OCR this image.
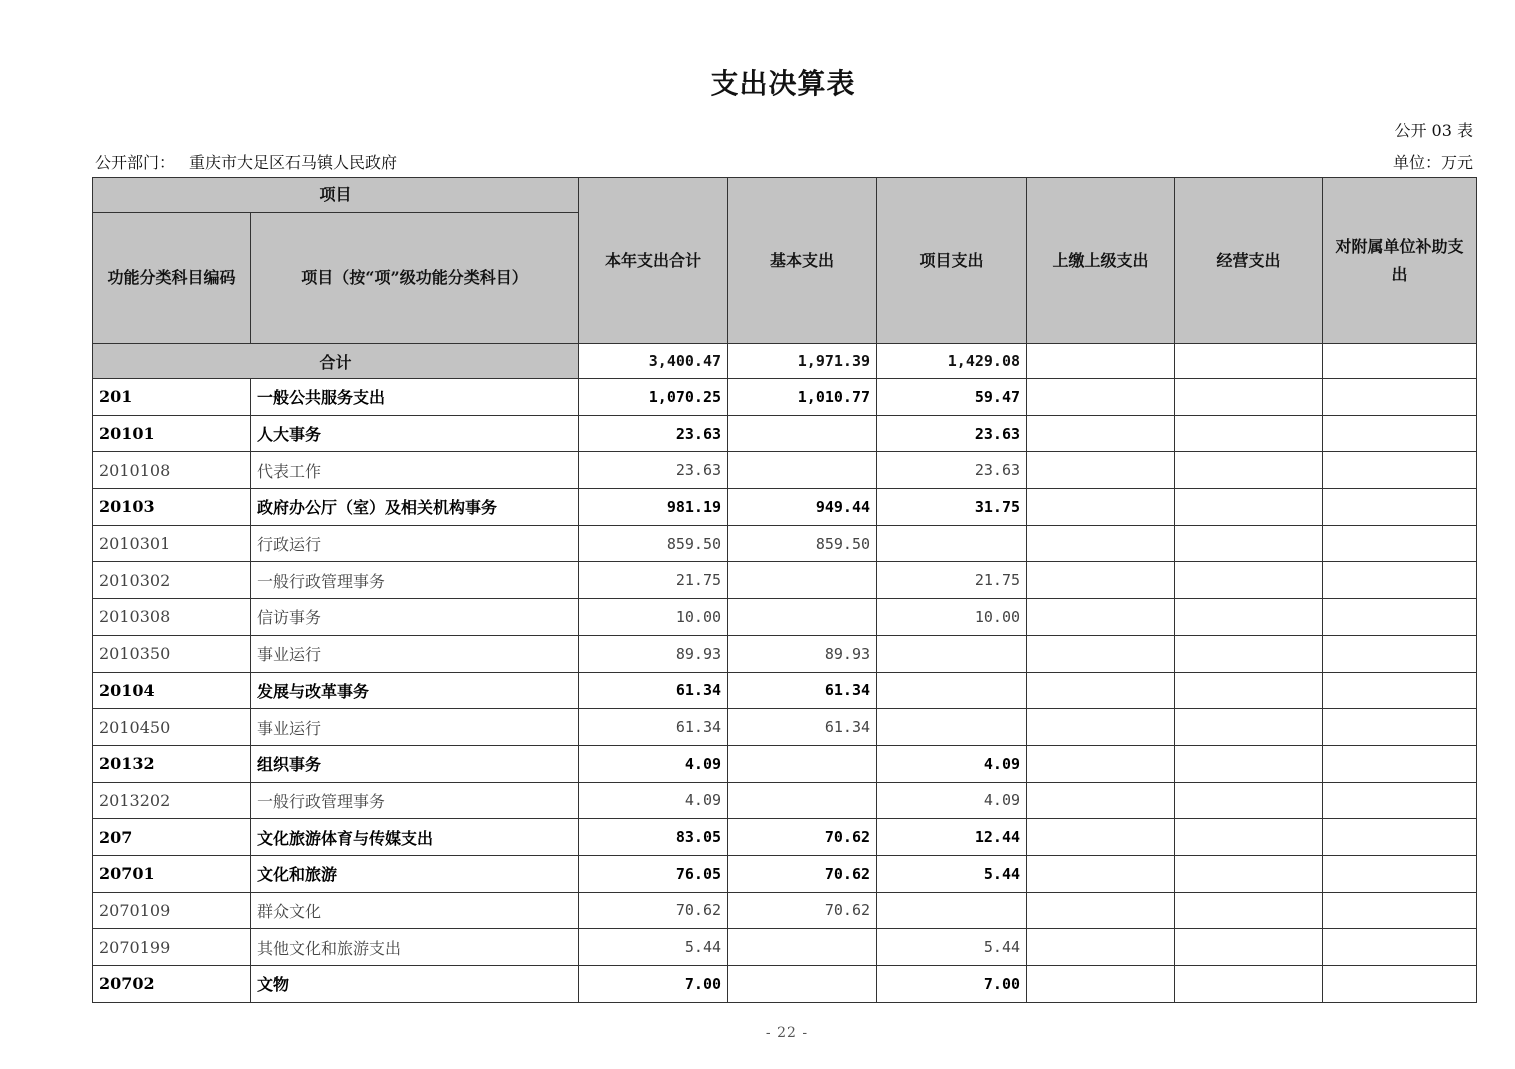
支出决算表
公开 03 表
公开部门： 重庆市大足区石马镇人民政府	单位：万元
项目		本年支出合计	基本支出	项目支出	上缴上级支出	经营支出	对附属单位补助支出
功能分类科目编码	项目（按“项”级功能分类科目）						
合计		3,400.47	1,971.39	1,429.08			
201	一般公共服务支出	1,070.25	1,010.77	59.47			
20101	人大事务	23.63		23.63			
2010108	代表工作	23.63		23.63			
20103	政府办公厅（室）及相关机构事务	981.19	949.44	31.75			
2010301	行政运行	859.50	859.50				
2010302	一般行政管理事务	21.75		21.75			
2010308	信访事务	10.00		10.00			
2010350	事业运行	89.93	89.93				
20104	发展与改革事务	61.34	61.34				
2010450	事业运行	61.34	61.34				
20132	组织事务	4.09		4.09			
2013202	一般行政管理事务	4.09		4.09			
207	文化旅游体育与传媒支出	83.05	70.62	12.44			
20701	文化和旅游	76.05	70.62	5.44			
2070109	群众文化	70.62	70.62				
2070199	其他文化和旅游支出	5.44		5.44			
20702	文物	7.00		7.00			
- 22 -
